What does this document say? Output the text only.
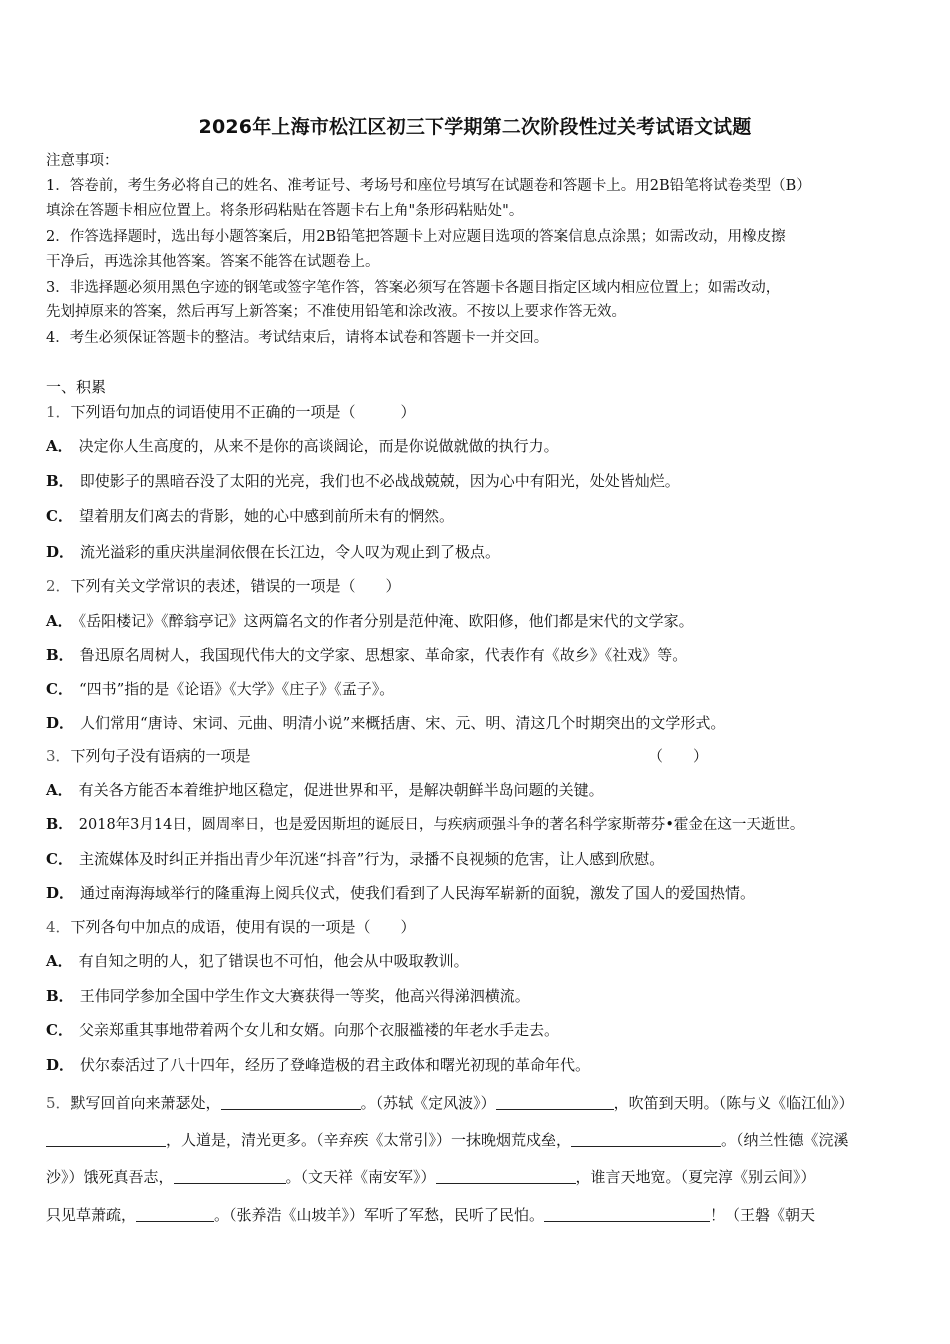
2026年上海市松江区初三下学期第二次阶段性过关考试语文试题
注意事项：
1．答卷前，考生务必将自己的姓名、准考证号、考场号和座位号填写在试题卷和答题卡上。用2B铅笔将试卷类型（B）
填涂在答题卡相应位置上。将条形码粘贴在答题卡右上角"条形码粘贴处"。
2．作答选择题时，选出每小题答案后，用2B铅笔把答题卡上对应题目选项的答案信息点涂黑；如需改动，用橡皮擦
干净后，再选涂其他答案。答案不能答在试题卷上。
3．非选择题必须用黑色字迹的钢笔或签字笔作答，答案必须写在答题卡各题目指定区域内相应位置上；如需改动，
先划掉原来的答案，然后再写上新答案；不准使用铅笔和涂改液。不按以上要求作答无效。
4．考生必须保证答题卡的整洁。考试结束后，请将本试卷和答题卡一并交回。
一、积累
1．下列语句加点的词语使用不正确的一项是（　　　）
A． 决定你人生高度的，从来不是你的高谈阔论，而是你说做就做的执行力。
B． 即使影子的黑暗吞没了太阳的光亮，我们也不必战战兢兢，因为心中有阳光，处处皆灿烂。
C． 望着朋友们离去的背影，她的心中感到前所未有的惘然。
D． 流光溢彩的重庆洪崖洞依偎在长江边，令人叹为观止到了极点。
2．下列有关文学常识的表述，错误的一项是（　　）
A． 《岳阳楼记》《醉翁亭记》这两篇名文的作者分别是范仲淹、欧阳修，他们都是宋代的文学家。
B． 鲁迅原名周树人，我国现代伟大的文学家、思想家、革命家，代表作有《故乡》《社戏》等。
C． “四书”指的是《论语》《大学》《庄子》《孟子》。
D． 人们常用“唐诗、宋词、元曲、明清小说”来概括唐、宋、元、明、清这几个时期突出的文学形式。
3．下列句子没有语病的一项是	（　　）
A． 有关各方能否本着维护地区稳定，促进世界和平，是解决朝鲜半岛问题的关键。
B． 2018年3月14日，圆周率日，也是爱因斯坦的诞辰日，与疾病顽强斗争的著名科学家斯蒂芬•霍金在这一天逝世。
C． 主流媒体及时纠正并指出青少年沉迷“抖音”行为，录播不良视频的危害，让人感到欣慰。
D． 通过南海海域举行的隆重海上阅兵仪式，使我们看到了人民海军崭新的面貌，激发了国人的爱国热情。
4．下列各句中加点的成语，使用有误的一项是（　　）
A． 有自知之明的人，犯了错误也不可怕，他会从中吸取教训。
B． 王伟同学参加全国中学生作文大赛获得一等奖，他高兴得涕泗横流。
C． 父亲郑重其事地带着两个女儿和女婿。向那个衣服褴褛的年老水手走去。
D． 伏尔泰活过了八十四年，经历了登峰造极的君主政体和曙光初现的革命年代。
5．默写回首向来萧瑟处，	。（苏轼《定风波》）	，吹笛到天明。（陈与义《临江仙》）
，人道是，清光更多。（辛弃疾《太常引》）一抹晚烟荒戍垒，	。（纳兰性德《浣溪
沙》）饿死真吾志，	。（文天祥《南安军》）	，谁言天地宽。（夏完淳《别云间》）
只见草萧疏，	。（张养浩《山坡羊》）军听了军愁，民听了民怕。	！（王磐《朝天
